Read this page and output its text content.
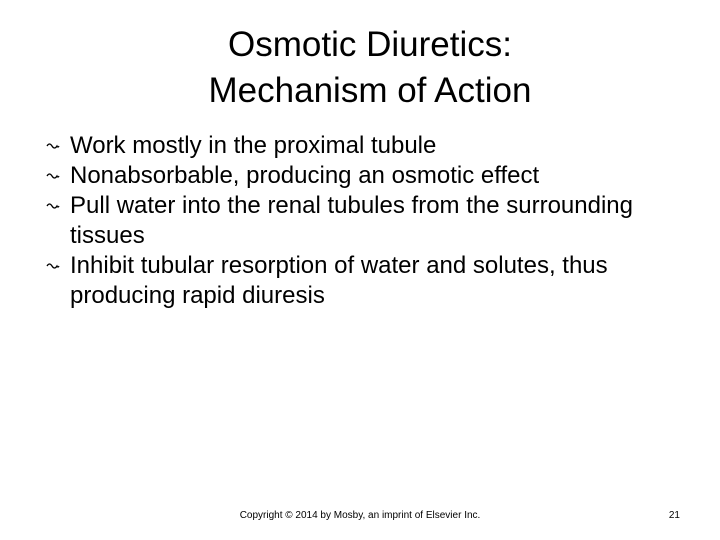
Osmotic Diuretics:
Mechanism of Action
Work mostly in the proximal tubule
Nonabsorbable, producing an osmotic effect
Pull water into the renal tubules from the surrounding tissues
Inhibit tubular resorption of water and solutes, thus producing rapid diuresis
Copyright © 2014 by Mosby, an imprint of Elsevier Inc.	21
